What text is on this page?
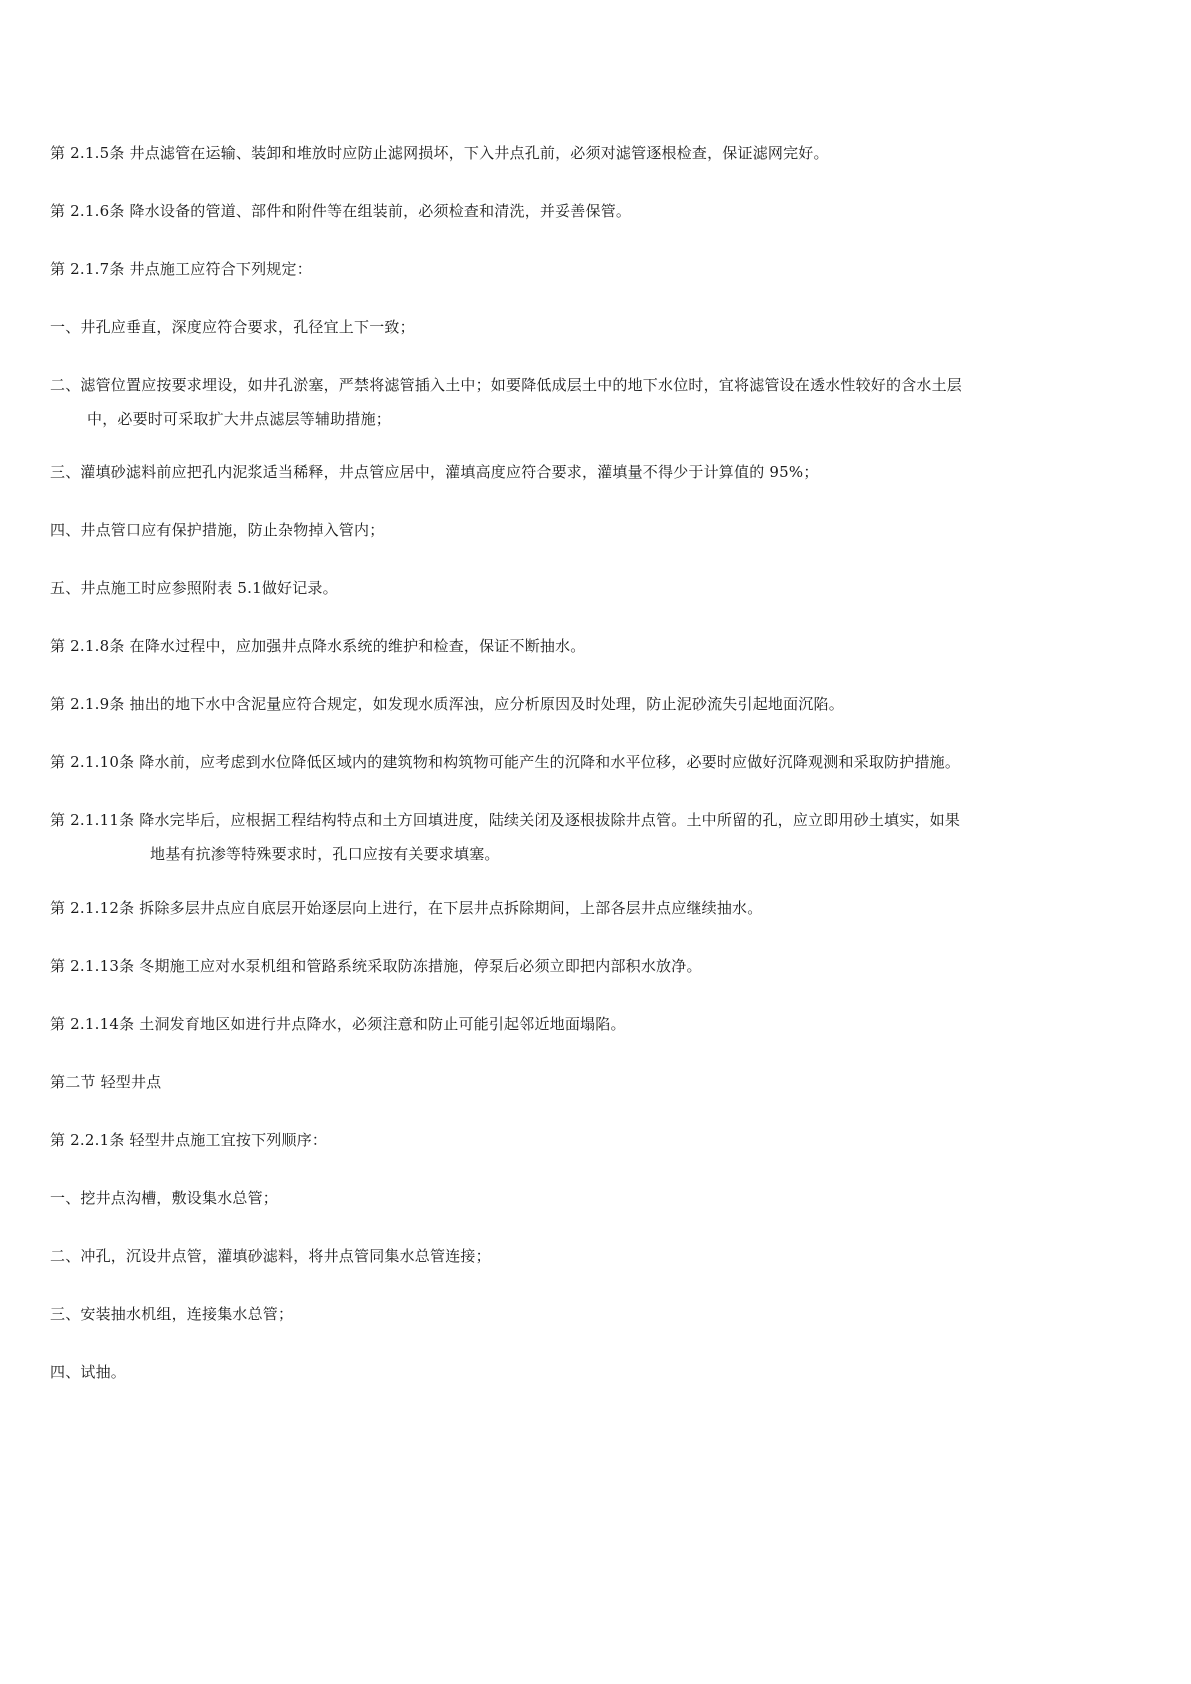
第 2.1.5条 井点滤管在运输、装卸和堆放时应防止滤网损坏，下入井点孔前，必须对滤管逐根检查，保证滤网完好。
第 2.1.6条 降水设备的管道、部件和附件等在组装前，必须检查和清洗，并妥善保管。
第 2.1.7条 井点施工应符合下列规定：
一、井孔应垂直，深度应符合要求，孔径宜上下一致；
二、滤管位置应按要求埋设，如井孔淤塞，严禁将滤管插入土中；如要降低成层土中的地下水位时，宜将滤管设在透水性较好的含水土层
中，必要时可采取扩大井点滤层等辅助措施；
三、灌填砂滤料前应把孔内泥浆适当稀释，井点管应居中，灌填高度应符合要求，灌填量不得少于计算值的 95%；
四、井点管口应有保护措施，防止杂物掉入管内；
五、井点施工时应参照附表 5.1做好记录。
第 2.1.8条 在降水过程中，应加强井点降水系统的维护和检查，保证不断抽水。
第 2.1.9条 抽出的地下水中含泥量应符合规定，如发现水质浑浊，应分析原因及时处理，防止泥砂流失引起地面沉陷。
第 2.1.10条 降水前，应考虑到水位降低区域内的建筑物和构筑物可能产生的沉降和水平位移，必要时应做好沉降观测和采取防护措施。
第 2.1.11条 降水完毕后，应根据工程结构特点和土方回填进度，陆续关闭及逐根拔除井点管。土中所留的孔，应立即用砂土填实，如果
地基有抗渗等特殊要求时，孔口应按有关要求填塞。
第 2.1.12条 拆除多层井点应自底层开始逐层向上进行，在下层井点拆除期间，上部各层井点应继续抽水。
第 2.1.13条 冬期施工应对水泵机组和管路系统采取防冻措施，停泵后必须立即把内部积水放净。
第 2.1.14条 土洞发育地区如进行井点降水，必须注意和防止可能引起邻近地面塌陷。
第二节 轻型井点
第 2.2.1条 轻型井点施工宜按下列顺序：
一、挖井点沟槽，敷设集水总管；
二、冲孔，沉设井点管，灌填砂滤料，将井点管同集水总管连接；
三、安装抽水机组，连接集水总管；
四、试抽。
